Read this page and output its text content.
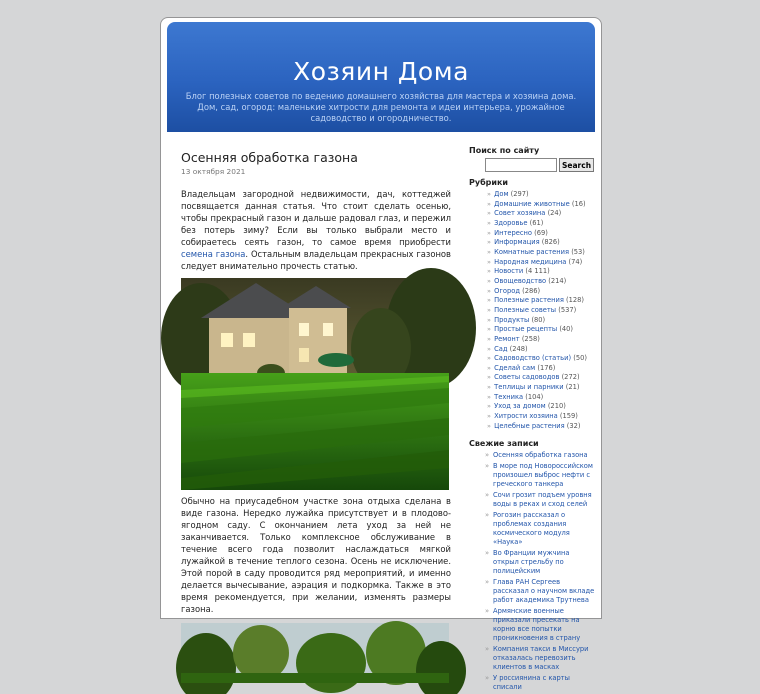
Хозяин Дома
Блог полезных советов по ведению домашнего хозяйства для мастера и хозяина дома. Дом, сад, огород: маленькие хитрости для ремонта и идеи интерьера, урожайное садоводство и огородничество.
Осенняя обработка газона
13 октября 2021

Владельцам загородной недвижимости, дач, коттеджей посвящается данная статья. Что стоит сделать осенью, чтобы прекрасный газон и дальше радовал глаз, и пережил без потерь зиму? Если вы только выбрали место и собираетесь сеять газон, то самое время приобрести семена газона. Остальным владельцам прекрасных газонов следует внимательно прочесть статью.

Обычно на приусадебном участке зона отдыха сделана в виде газона. Нередко лужайка присутствует и в плодово-ягодном саду. С окончанием лета уход за ней не заканчивается. Только комплексное обслуживание в течение всего года позволит наслаждаться мягкой лужайкой в течение теплого сезона. Осень не исключение. Этой порой в саду проводится ряд мероприятий, и именно делается вычесывание, аэрация и подкормка. Также в это время рекомендуется, при желании, изменять размеры газона.

Поиск по сайту
Search
Рубрики
» Дом (297)
» Домашние животные (16)
» Совет хозяина (24)
» Здоровье (61)
» Интересно (69)
» Информация (826)
» Комнатные растения (53)
» Народная медицина (74)
» Новости (4 111)
» Овощеводство (214)
» Огород (286)
» Полезные растения (128)
» Полезные советы (537)
» Продукты (80)
» Простые рецепты (40)
» Ремонт (258)
» Сад (248)
» Садоводство (статьи) (50)
» Сделай сам (176)
» Советы садоводов (272)
» Теплицы и парники (21)
» Техника (104)
» Уход за домом (210)
» Хитрости хозяина (159)
» Целебные растения (32)
Свежие записи
» Осенняя обработка газона
» В море под Новороссийском произошел выброс нефти с греческого танкера
» Сочи грозит подъем уровня воды в реках и сход селей
» Рогозин рассказал о проблемах создания космического модуля «Наука»
» Во Франции мужчина открыл стрельбу по полицейским
» Глава РАН Сергеев рассказал о научном вкладе работ академика Трутнева
» Армянские военные приказали пресекать на корню все попытки проникновения в страну
» Компания такси в Миссури отказалась перевозить клиентов в масках
» У россиянина с карты списали
